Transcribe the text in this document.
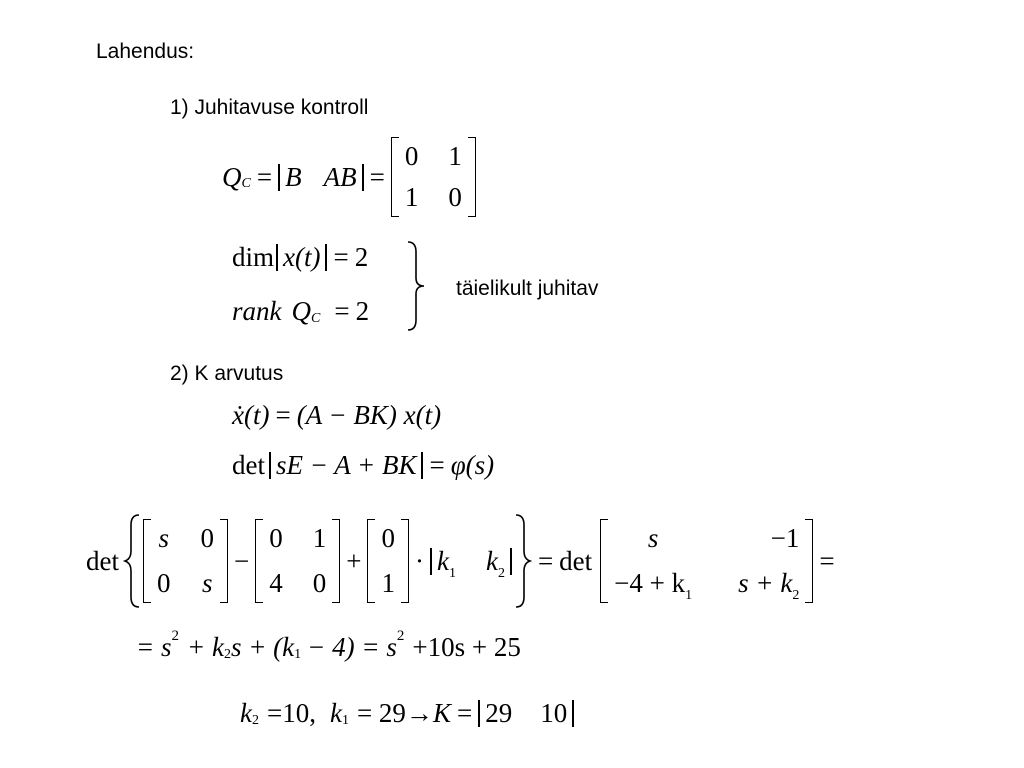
Lahendus:
1) Juhitavuse kontroll
Q C = B AB =
0 1
1 0
dim x(t) = 2
rank Q C = 2
täielikult juhitav
2) K arvutus
ẋ(t) = (A − BK) x(t)
det sE − A + BK = φ(s)
det
s 0
0 s
−
0 1
4 0
+
0
1
· $k_1$ $k_2 = \det$
s	−1
$-4 + k_1$ $s + k_2$
=
= s 2 + k 2 s + (k 1 − 4) = s 2 +10s + 25
k 2 =10, k 1 = 29 → K = 29 10
